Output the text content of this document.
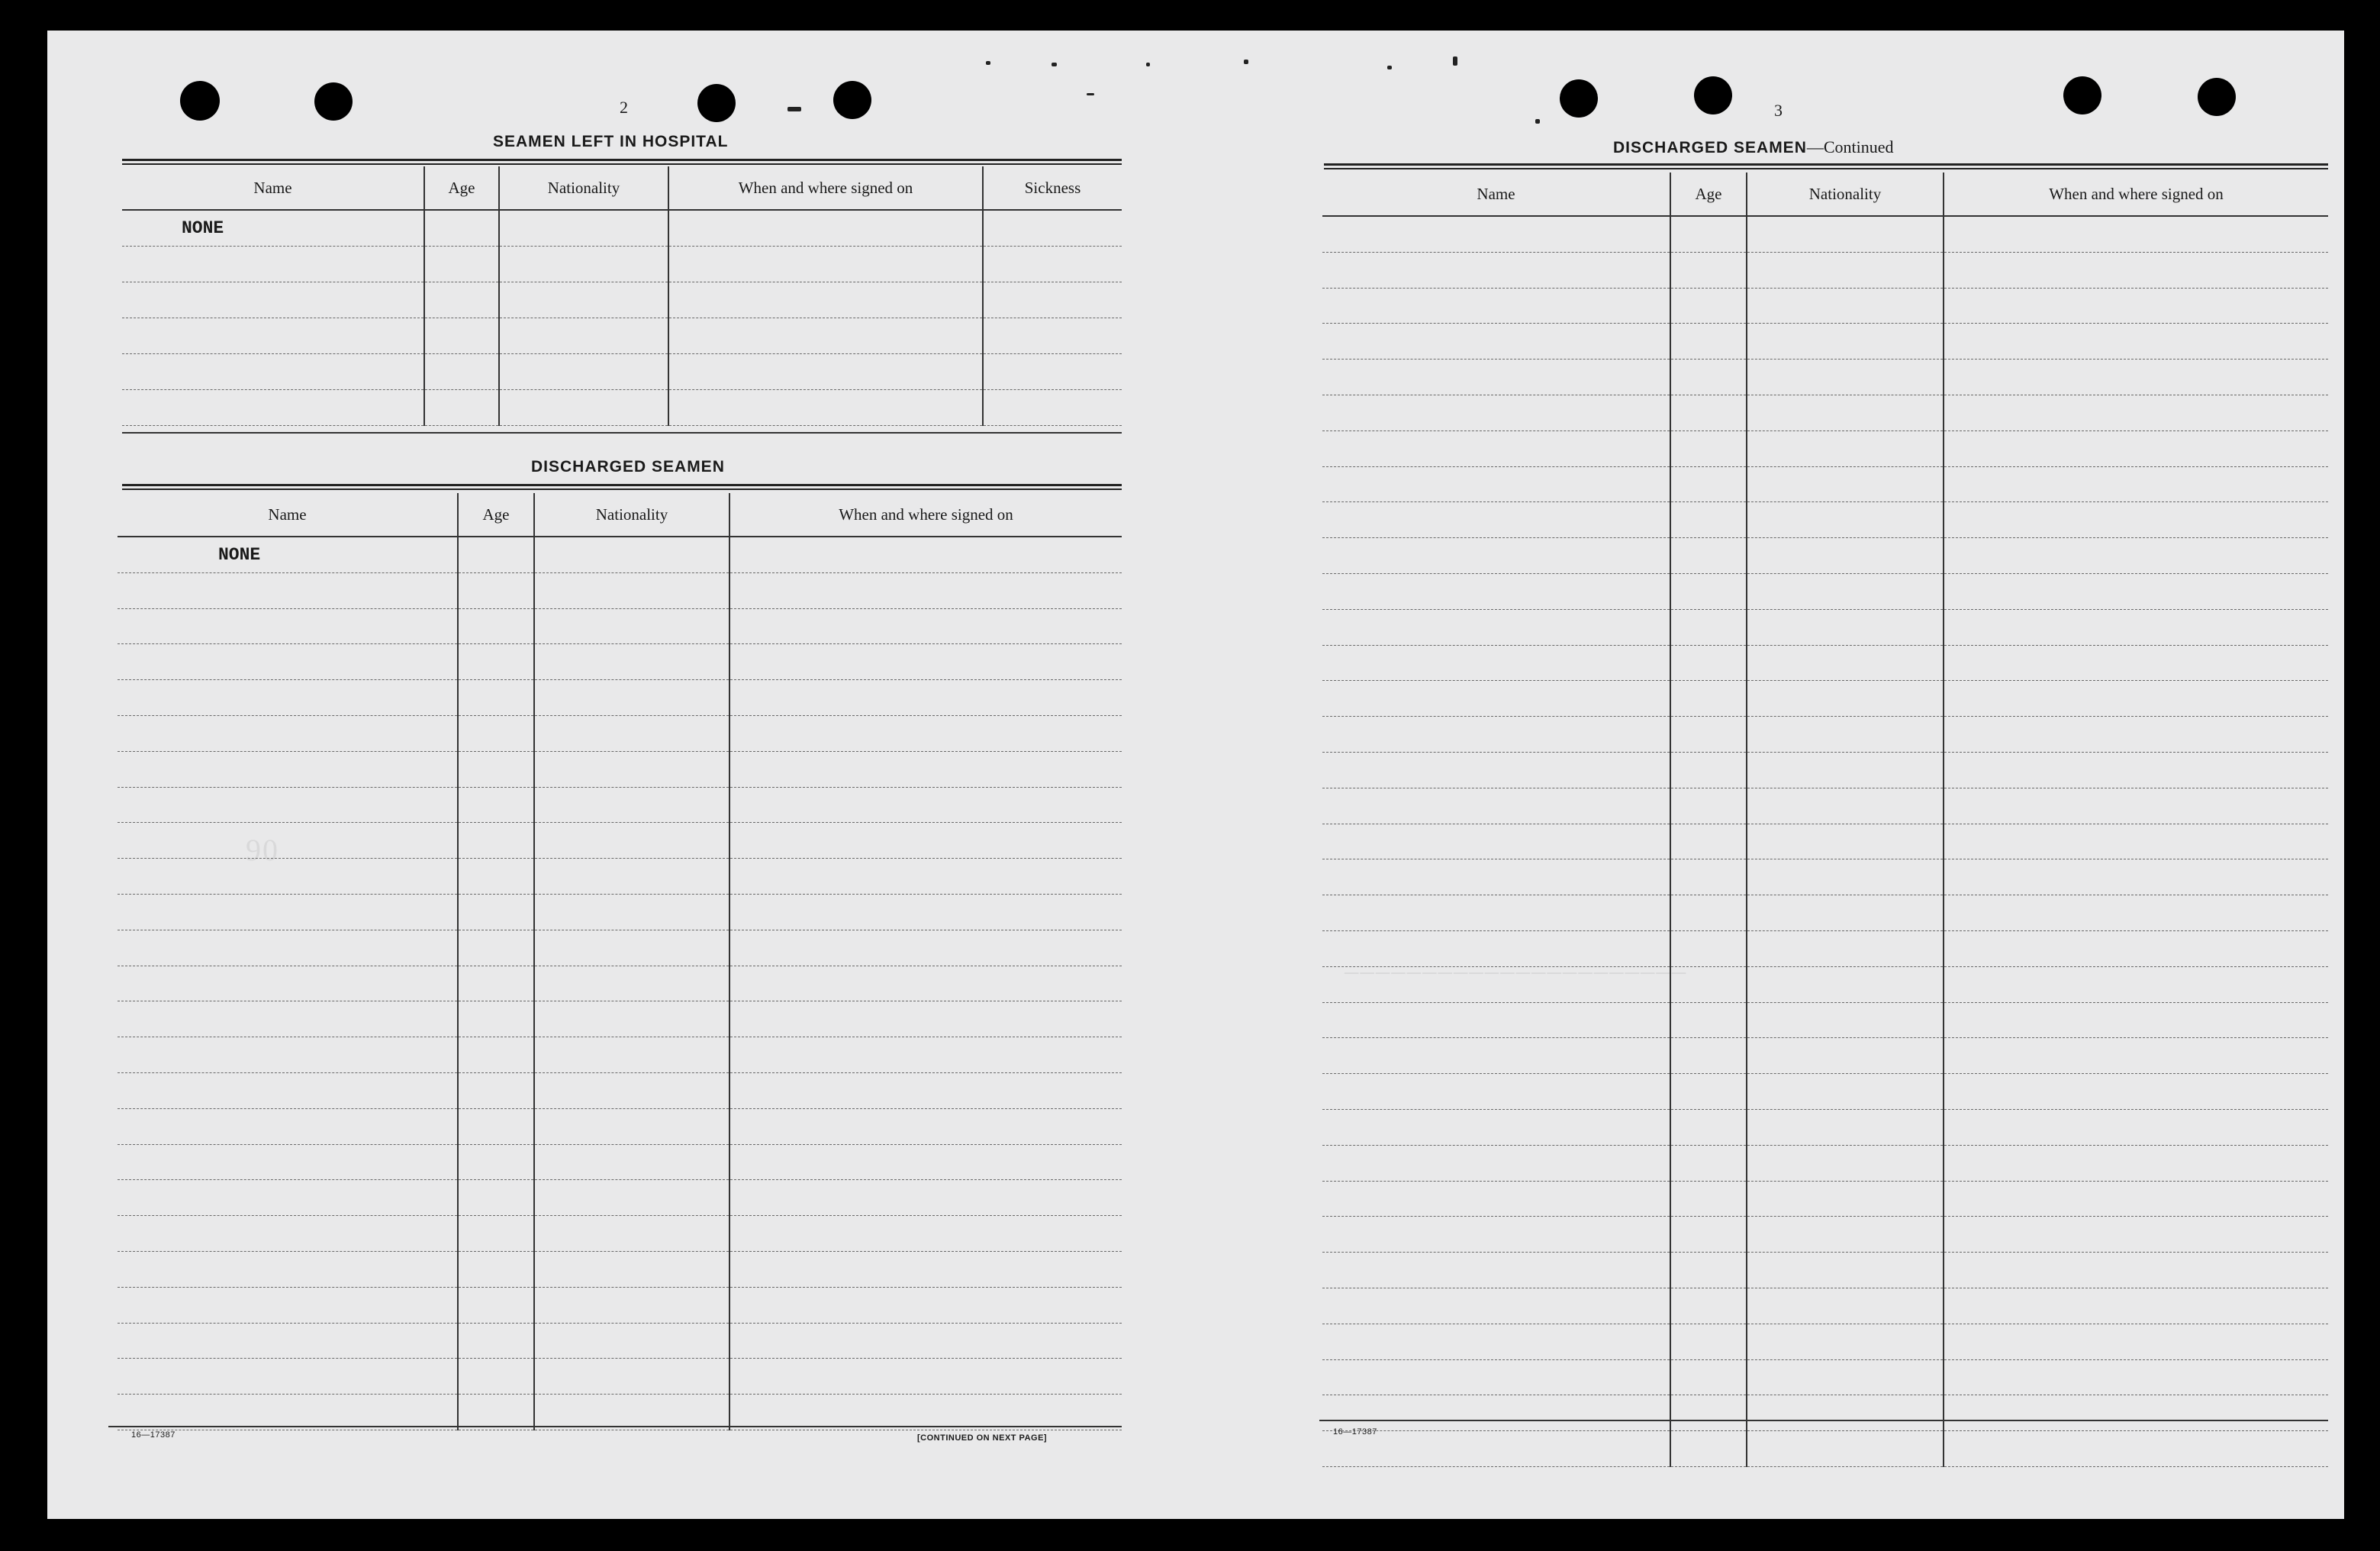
90
──────────────────────
2
SEAMEN LEFT IN HOSPITAL
Name	Age	Nationality	When and where signed on	Sickness
NONE				

DISCHARGED SEAMEN
Name	Age	Nationality	When and where signed on
NONE			

16—17387	[CONTINUED ON NEXT PAGE]
3
DISCHARGED SEAMEN—Continued
Name	Age	Nationality	When and where signed on

16—17387
